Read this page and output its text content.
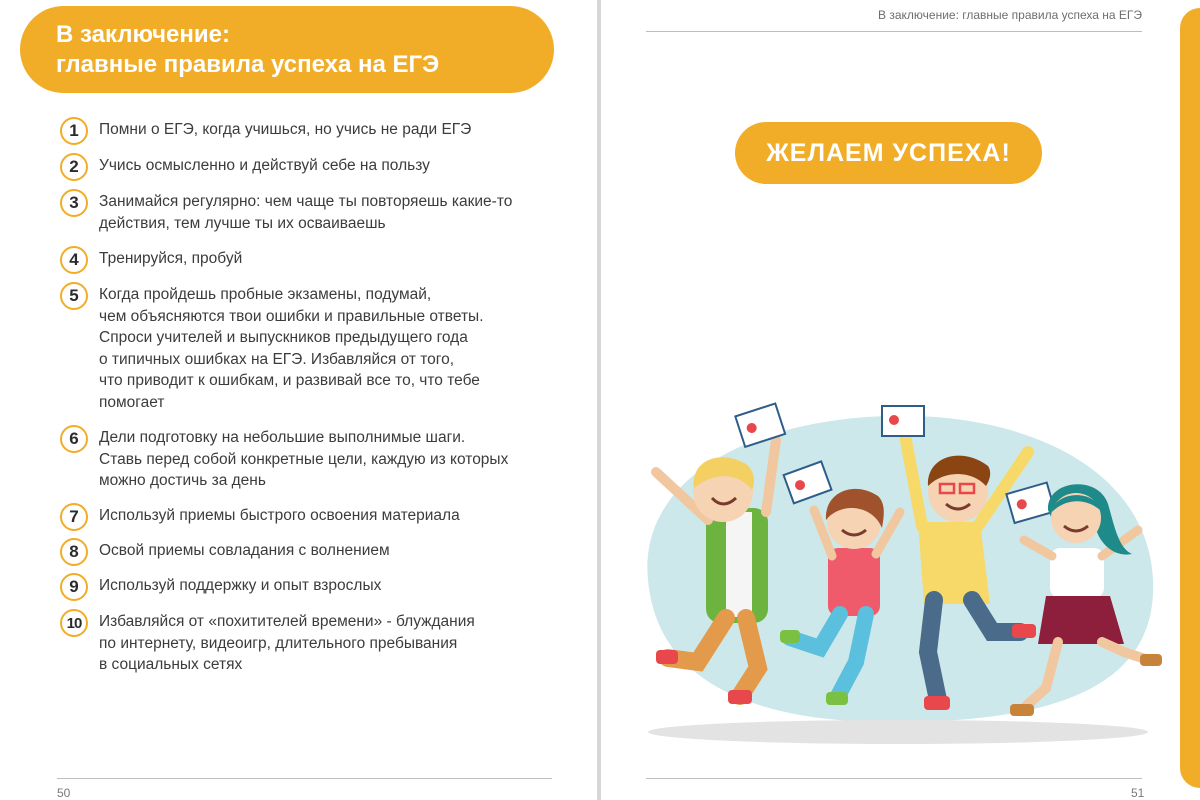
В заключение:
главные правила успеха на ЕГЭ
1	Помни о ЕГЭ, когда учишься, но учись не ради ЕГЭ
2	Учись осмысленно и действуй себе на пользу
3	Занимайся регулярно: чем чаще ты повторяешь какие-то
действия, тем лучше ты их осваиваешь
4	Тренируйся, пробуй
5	Когда пройдешь пробные экзамены, подумай,
чем объясняются твои ошибки и правильные ответы.
Спроси учителей и выпускников предыдущего года
о типичных ошибках на ЕГЭ. Избавляйся от того,
что приводит к ошибкам, и развивай все то, что тебе
помогает
6	Дели подготовку на небольшие выполнимые шаги.
Ставь перед собой конкретные цели, каждую из которых
можно достичь за день
7	Используй приемы быстрого освоения материала
8	Освой приемы совладания с волнением
9	Используй поддержку и опыт взрослых
10	Избавляйся от «похитителей времени» - блуждания
по интернету, видеоигр, длительного пребывания
в социальных сетях
50
В заключение: главные правила успеха на ЕГЭ
ЖЕЛАЕМ УСПЕХА!
51
